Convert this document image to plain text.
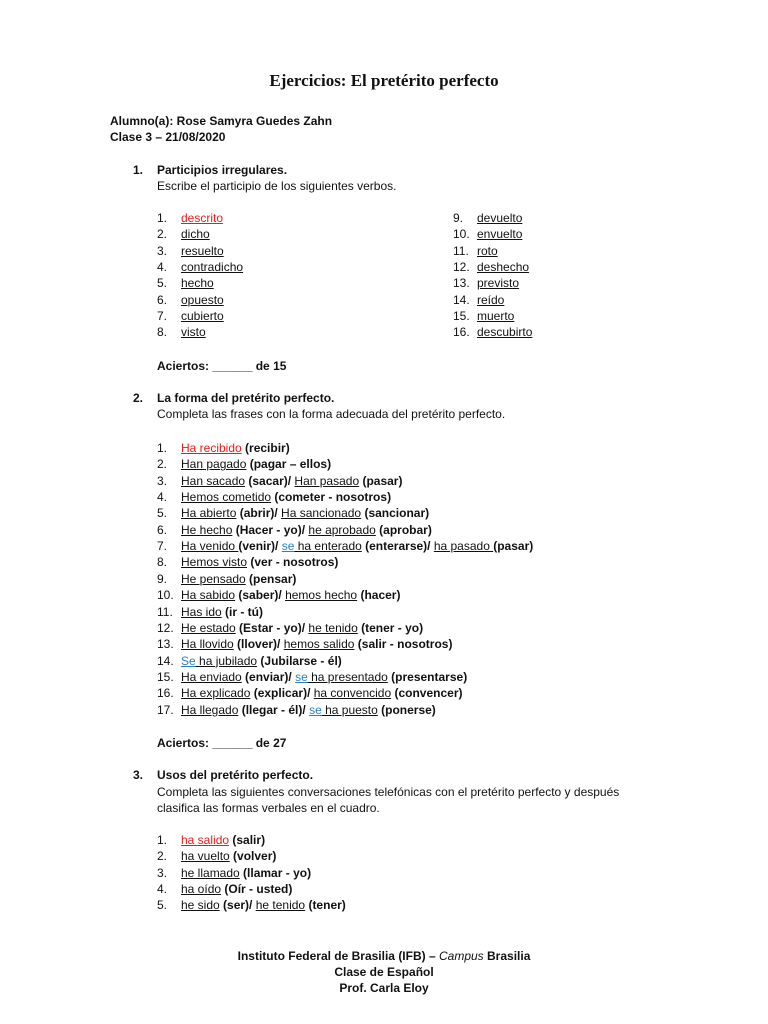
Ejercicios: El pretérito perfecto
Alumno(a): Rose Samyra Guedes Zahn
Clase 3 – 21/08/2020
1. Participios irregulares.
Escribe el participio de los siguientes verbos.
1. descrito
2. dicho
3. resuelto
4. contradicho
5. hecho
6. opuesto
7. cubierto
8. visto
9. devuelto
10. envuelto
11. roto
12. deshecho
13. previsto
14. reído
15. muerto
16. descubirto
Aciertos: ______ de 15
2. La forma del pretérito perfecto.
Completa las frases con la forma adecuada del pretérito perfecto.
1. Ha recibido (recibir)
2. Han pagado (pagar – ellos)
3. Han sacado (sacar)/ Han pasado (pasar)
4. Hemos cometido (cometer - nosotros)
5. Ha abierto (abrir)/ Ha sancionado (sancionar)
6. He hecho (Hacer - yo)/ he aprobado (aprobar)
7. Ha venido (venir)/ se ha enterado (enterarse)/ ha pasado (pasar)
8. Hemos visto (ver - nosotros)
9. He pensado (pensar)
10. Ha sabido (saber)/ hemos hecho (hacer)
11. Has ido (ir - tú)
12. He estado (Estar - yo)/ he tenido (tener - yo)
13. Ha llovido (llover)/ hemos salido (salir - nosotros)
14. Se ha jubilado (Jubilarse - él)
15. Ha enviado (enviar)/ se ha presentado (presentarse)
16. Ha explicado (explicar)/ ha convencido (convencer)
17. Ha llegado (llegar - él)/ se ha puesto (ponerse)
Aciertos: ______ de 27
3. Usos del pretérito perfecto.
Completa las siguientes conversaciones telefónicas con el pretérito perfecto y después
clasifica las formas verbales en el cuadro.
1. ha salido (salir)
2. ha vuelto (volver)
3. he llamado (llamar - yo)
4. ha oído (Oír - usted)
5. he sido (ser)/ he tenido (tener)
Instituto Federal de Brasilia (IFB) – Campus Brasilia
Clase de Español
Prof. Carla Eloy
